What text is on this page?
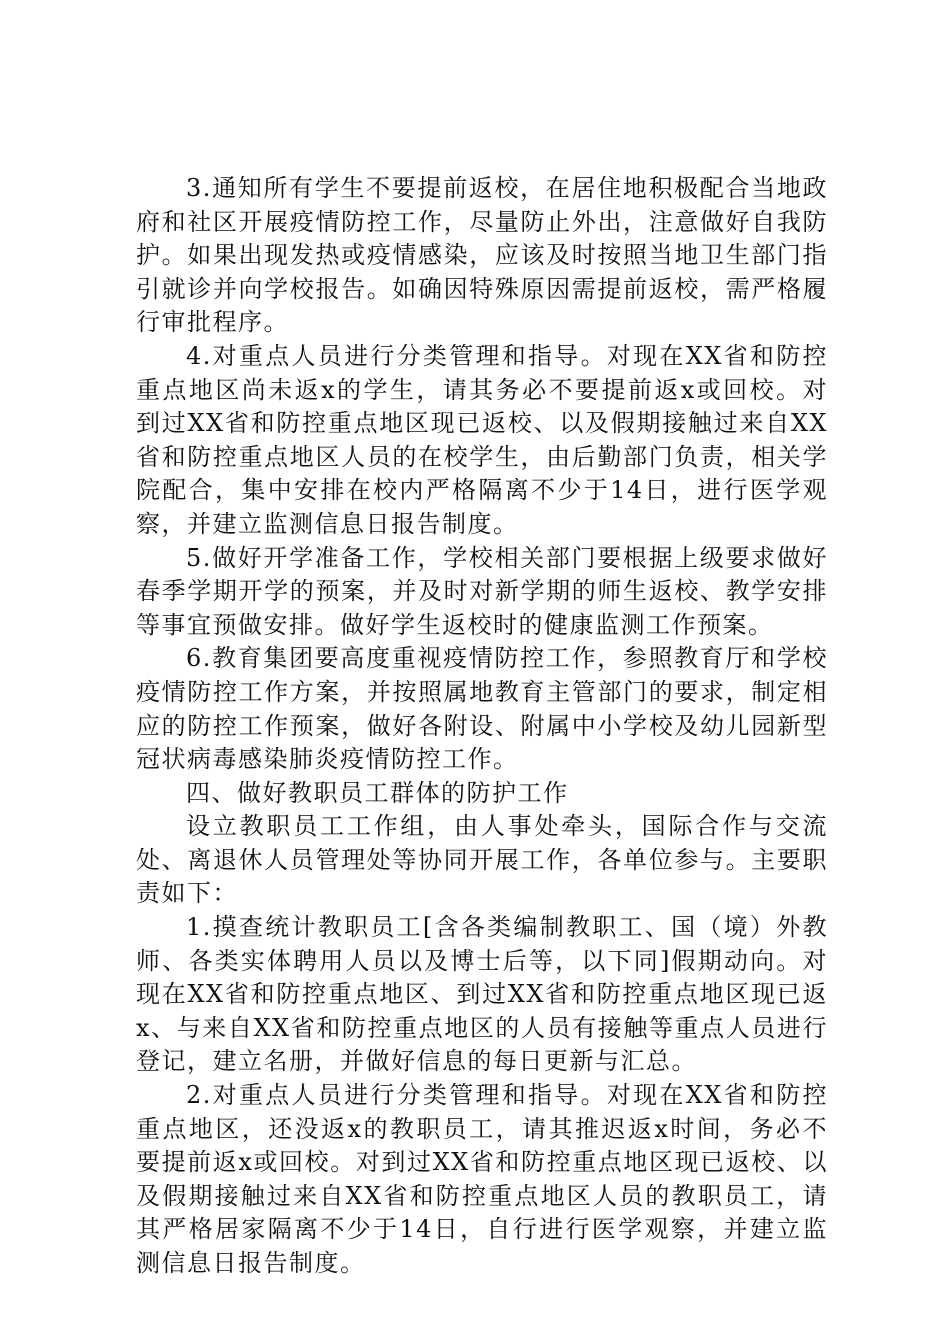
3.通知所有学生不要提前返校，在居住地积极配合当地政府和社区开展疫情防控工作，尽量防止外出，注意做好自我防护。如果出现发热或疫情感染，应该及时按照当地卫生部门指引就诊并向学校报告。如确因特殊原因需提前返校，需严格履行审批程序。

4.对重点人员进行分类管理和指导。对现在XX省和防控重点地区尚未返x的学生，请其务必不要提前返x或回校。对到过XX省和防控重点地区现已返校、以及假期接触过来自XX省和防控重点地区人员的在校学生，由后勤部门负责，相关学院配合，集中安排在校内严格隔离不少于14日，进行医学观察，并建立监测信息日报告制度。

5.做好开学准备工作，学校相关部门要根据上级要求做好春季学期开学的预案，并及时对新学期的师生返校、教学安排等事宜预做安排。做好学生返校时的健康监测工作预案。

6.教育集团要高度重视疫情防控工作，参照教育厅和学校疫情防控工作方案，并按照属地教育主管部门的要求，制定相应的防控工作预案，做好各附设、附属中小学校及幼儿园新型冠状病毒感染肺炎疫情防控工作。

四、做好教职员工群体的防护工作

设立教职员工工作组，由人事处牵头，国际合作与交流处、离退休人员管理处等协同开展工作，各单位参与。主要职责如下：

1.摸查统计教职员工[含各类编制教职工、国（境）外教师、各类实体聘用人员以及博士后等，以下同]假期动向。对现在XX省和防控重点地区、到过XX省和防控重点地区现已返x、与来自XX省和防控重点地区的人员有接触等重点人员进行登记，建立名册，并做好信息的每日更新与汇总。

2.对重点人员进行分类管理和指导。对现在XX省和防控重点地区，还没返x的教职员工，请其推迟返x时间，务必不要提前返x或回校。对到过XX省和防控重点地区现已返校、以及假期接触过来自XX省和防控重点地区人员的教职员工，请其严格居家隔离不少于14日，自行进行医学观察，并建立监测信息日报告制度。
